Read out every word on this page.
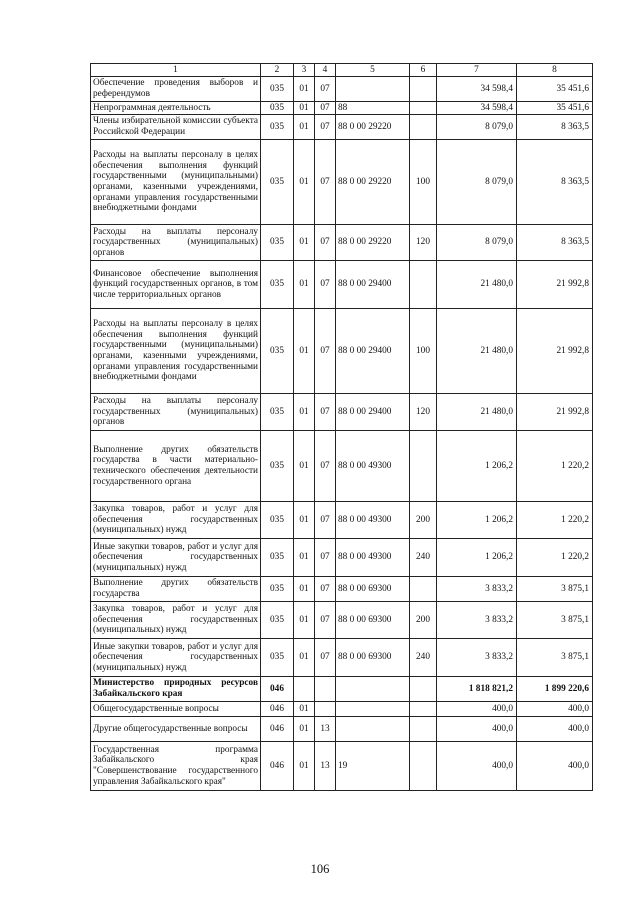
1	2	3	4	5	6	7	8
Обеспечение проведения выборов и референдумов	035	01	07			34 598,4	35 451,6
Непрограммная деятельность	035	01	07	88		34 598,4	35 451,6
Члены избирательной комиссии субъекта Российской Федерации	035	01	07	88 0 00 29220		8 079,0	8 363,5
Расходы на выплаты персоналу в целях обеспечения выполнения функций государственными (муниципальными) органами, казенными учреждениями, органами управления государственными внебюджетными фондами	035	01	07	88 0 00 29220	100	8 079,0	8 363,5
Расходы на выплаты персоналу государственных (муниципальных) органов	035	01	07	88 0 00 29220	120	8 079,0	8 363,5
Финансовое обеспечение выполнения функций государственных органов, в том числе территориальных органов	035	01	07	88 0 00 29400		21 480,0	21 992,8
Расходы на выплаты персоналу в целях обеспечения выполнения функций государственными (муниципальными) органами, казенными учреждениями, органами управления государственными внебюджетными фондами	035	01	07	88 0 00 29400	100	21 480,0	21 992,8
Расходы на выплаты персоналу государственных (муниципальных) органов	035	01	07	88 0 00 29400	120	21 480,0	21 992,8
Выполнение других обязательств государства в части материально-технического обеспечения деятельности государственного органа	035	01	07	88 0 00 49300		1 206,2	1 220,2
Закупка товаров, работ и услуг для обеспечения государственных (муниципальных) нужд	035	01	07	88 0 00 49300	200	1 206,2	1 220,2
Иные закупки товаров, работ и услуг для обеспечения государственных (муниципальных) нужд	035	01	07	88 0 00 49300	240	1 206,2	1 220,2
Выполнение других обязательств государства	035	01	07	88 0 00 69300		3 833,2	3 875,1
Закупка товаров, работ и услуг для обеспечения государственных (муниципальных) нужд	035	01	07	88 0 00 69300	200	3 833,2	3 875,1
Иные закупки товаров, работ и услуг для обеспечения государственных (муниципальных) нужд	035	01	07	88 0 00 69300	240	3 833,2	3 875,1
Министерство природных ресурсов Забайкальского края	046					1 818 821,2	1 899 220,6
Общегосударственные вопросы	046	01				400,0	400,0
Другие общегосударственные вопросы	046	01	13			400,0	400,0
Государственная программа Забайкальского края "Совершенствование государственного управления Забайкальского края"	046	01	13	19		400,0	400,0
106
